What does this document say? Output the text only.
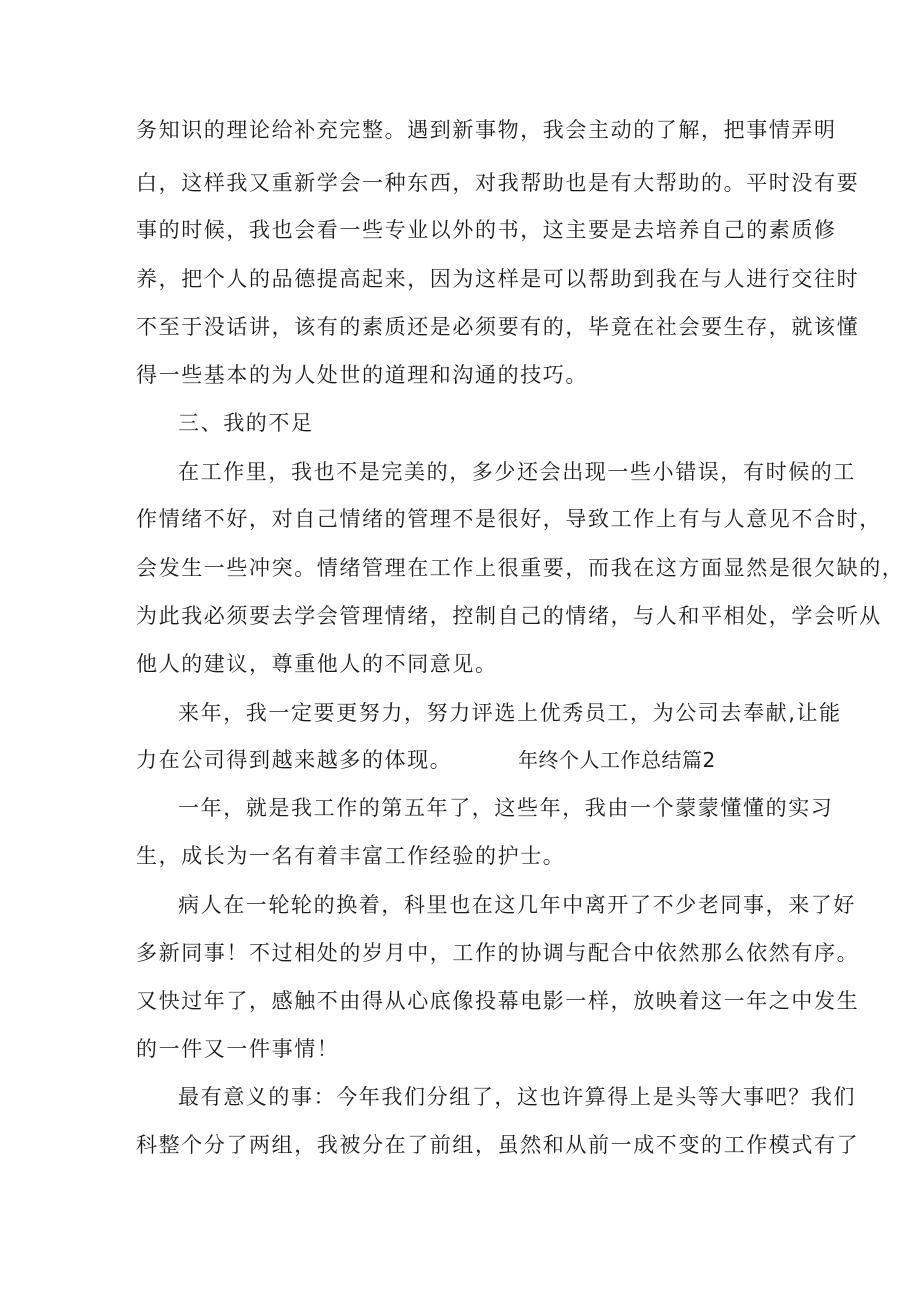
务知识的理论给补充完整。遇到新事物，我会主动的了解，把事情弄明
白，这样我又重新学会一种东西，对我帮助也是有大帮助的。平时没有要
事的时候，我也会看一些专业以外的书，这主要是去培养自己的素质修
养，把个人的品德提高起来，因为这样是可以帮助到我在与人进行交往时
不至于没话讲，该有的素质还是必须要有的，毕竟在社会要生存，就该懂
得一些基本的为人处世的道理和沟通的技巧。
三、我的不足
在工作里，我也不是完美的，多少还会出现一些小错误，有时候的工
作情绪不好，对自己情绪的管理不是很好，导致工作上有与人意见不合时，
会发生一些冲突。情绪管理在工作上很重要，而我在这方面显然是很欠缺的，
为此我必须要去学会管理情绪，控制自己的情绪，与人和平相处，学会听从
他人的建议，尊重他人的不同意见。
来年，我一定要更努力，努力评选上优秀员工，为公司去奉献,让能
力在公司得到越来越多的体现。	年终个人工作总结篇2
一年，就是我工作的第五年了，这些年，我由一个蒙蒙懂懂的实习
生，成长为一名有着丰富工作经验的护士。
病人在一轮轮的换着，科里也在这几年中离开了不少老同事，来了好
多新同事！不过相处的岁月中，工作的协调与配合中依然那么依然有序。
又快过年了，感触不由得从心底像投幕电影一样，放映着这一年之中发生
的一件又一件事情！
最有意义的事：今年我们分组了，这也许算得上是头等大事吧？我们
科整个分了两组，我被分在了前组，虽然和从前一成不变的工作模式有了
